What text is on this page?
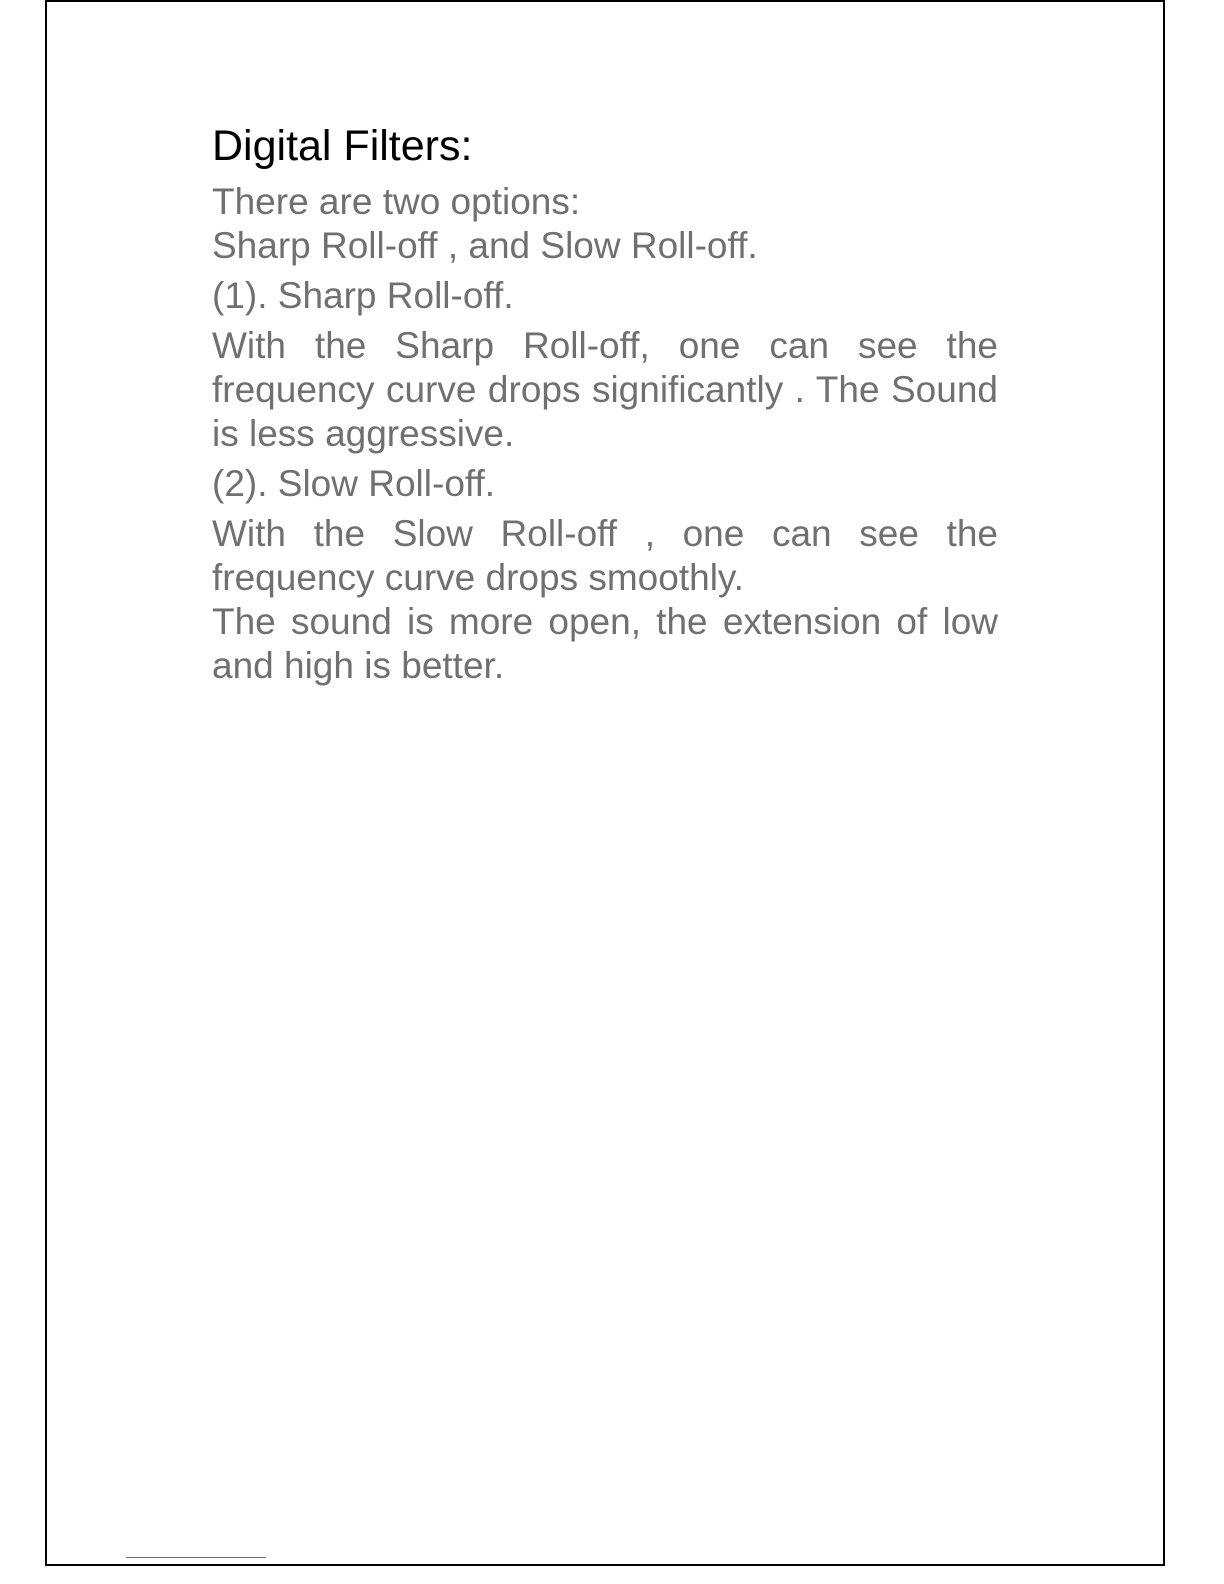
Digital Filters:

There are two options:

Sharp Roll-off , and Slow Roll-off.

(1). Sharp Roll-off.

With the Sharp Roll-off, one can see the frequency curve drops significantly . The Sound is less aggressive.

(2). Slow Roll-off.

With the Slow Roll-off , one can see the frequency curve drops smoothly.

The sound is more open, the extension of low and high is better.
